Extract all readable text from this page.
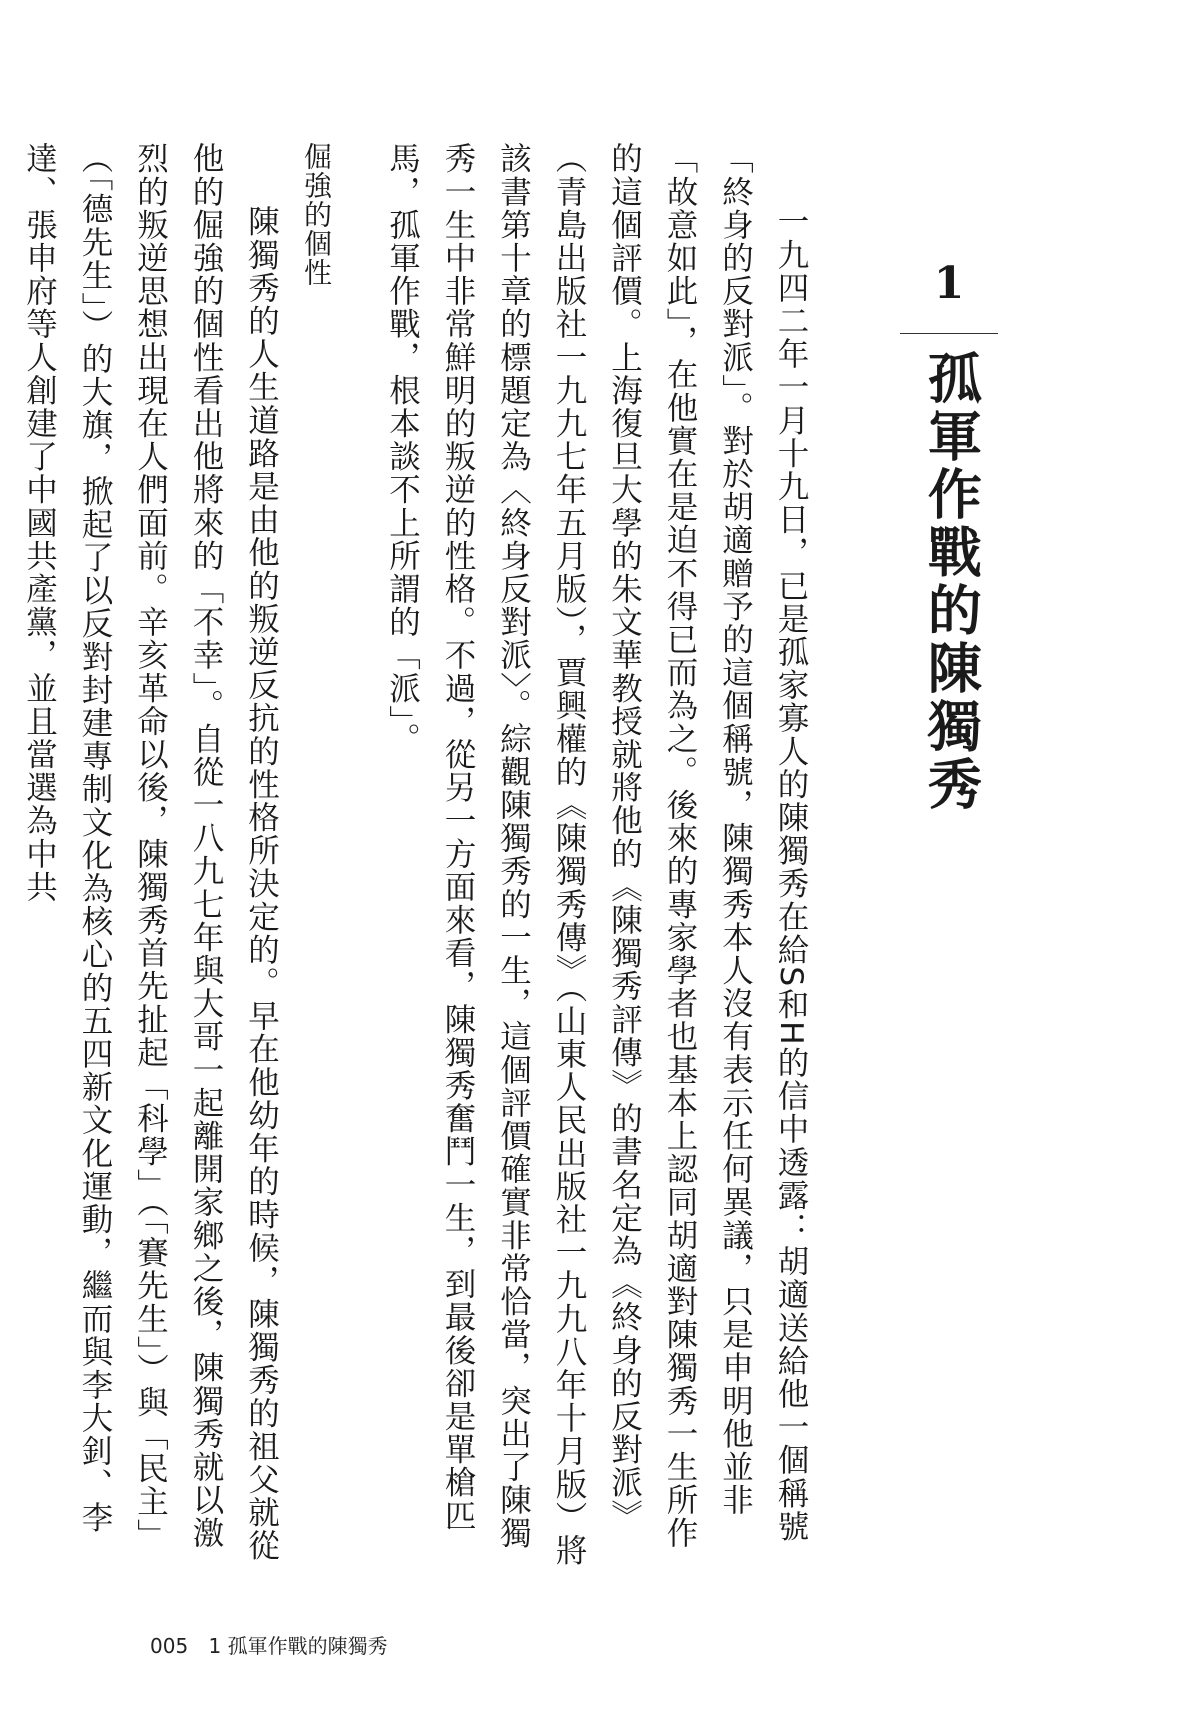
1
孤軍作戰的陳獨秀

一九四二年一月十九日，已是孤家寡人的陳獨秀在給S和H的信中透露：胡適送給他一個稱號「終身的反對派」。對於胡適贈予的這個稱號，陳獨秀本人沒有表示任何異議，只是申明他並非「故意如此」，在他實在是迫不得已而為之。後來的專家學者也基本上認同胡適對陳獨秀一生所作的這個評價。上海復旦大學的朱文華教授就將他的《陳獨秀評傳》的書名定為《終身的反對派》（青島出版社一九九七年五月版），賈興權的《陳獨秀傳》（山東人民出版社一九九八年十月版）將該書第十章的標題定為〈終身反對派〉。綜觀陳獨秀的一生，這個評價確實非常恰當，突出了陳獨秀一生中非常鮮明的叛逆的性格。不過，從另一方面來看，陳獨秀奮鬥一生，到最後卻是單槍匹馬，孤軍作戰，根本談不上所謂的「派」。

倔強的個性

陳獨秀的人生道路是由他的叛逆反抗的性格所決定的。早在他幼年的時候，陳獨秀的祖父就從他的倔強的個性看出他將來的「不幸」。自從一八九七年與大哥一起離開家鄉之後，陳獨秀就以激烈的叛逆思想出現在人們面前。辛亥革命以後，陳獨秀首先扯起「科學」（「賽先生」）與「民主」（「德先生」）的大旗，掀起了以反對封建專制文化為核心的五四新文化運動，繼而與李大釗、李達、張申府等人創建了中國共產黨，並且當選為中共

005 1 孤軍作戰的陳獨秀
